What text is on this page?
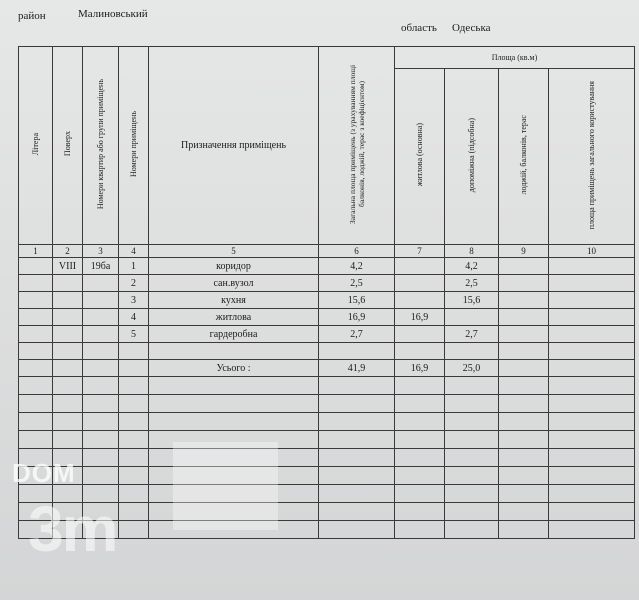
район	Малиновський
область Одеська
Літера	Поверх	Номери квартир або групи приміщень	Номери приміщень	Призначення приміщень	Загальна площа приміщень (з урахуванням площі балконів, лоджій, терас з коефіцієнтом)	Площа (кв.м)			
						житлова (основна)	допоміжна (підсобна)	лоджій, балконів, терас	площа приміщень загального користування
1	2	3	4	5	6	7	8	9	10
	VIII	19ба	1	коридор	4,2		4,2		
			2	сан.вузол	2,5		2,5		
			3	кухня	15,6		15,6		
			4	житлова	16,9	16,9			
			5	гардеробна	2,7		2,7		

				Усього :	41,9	16,9	25,0		

DOM
3m
